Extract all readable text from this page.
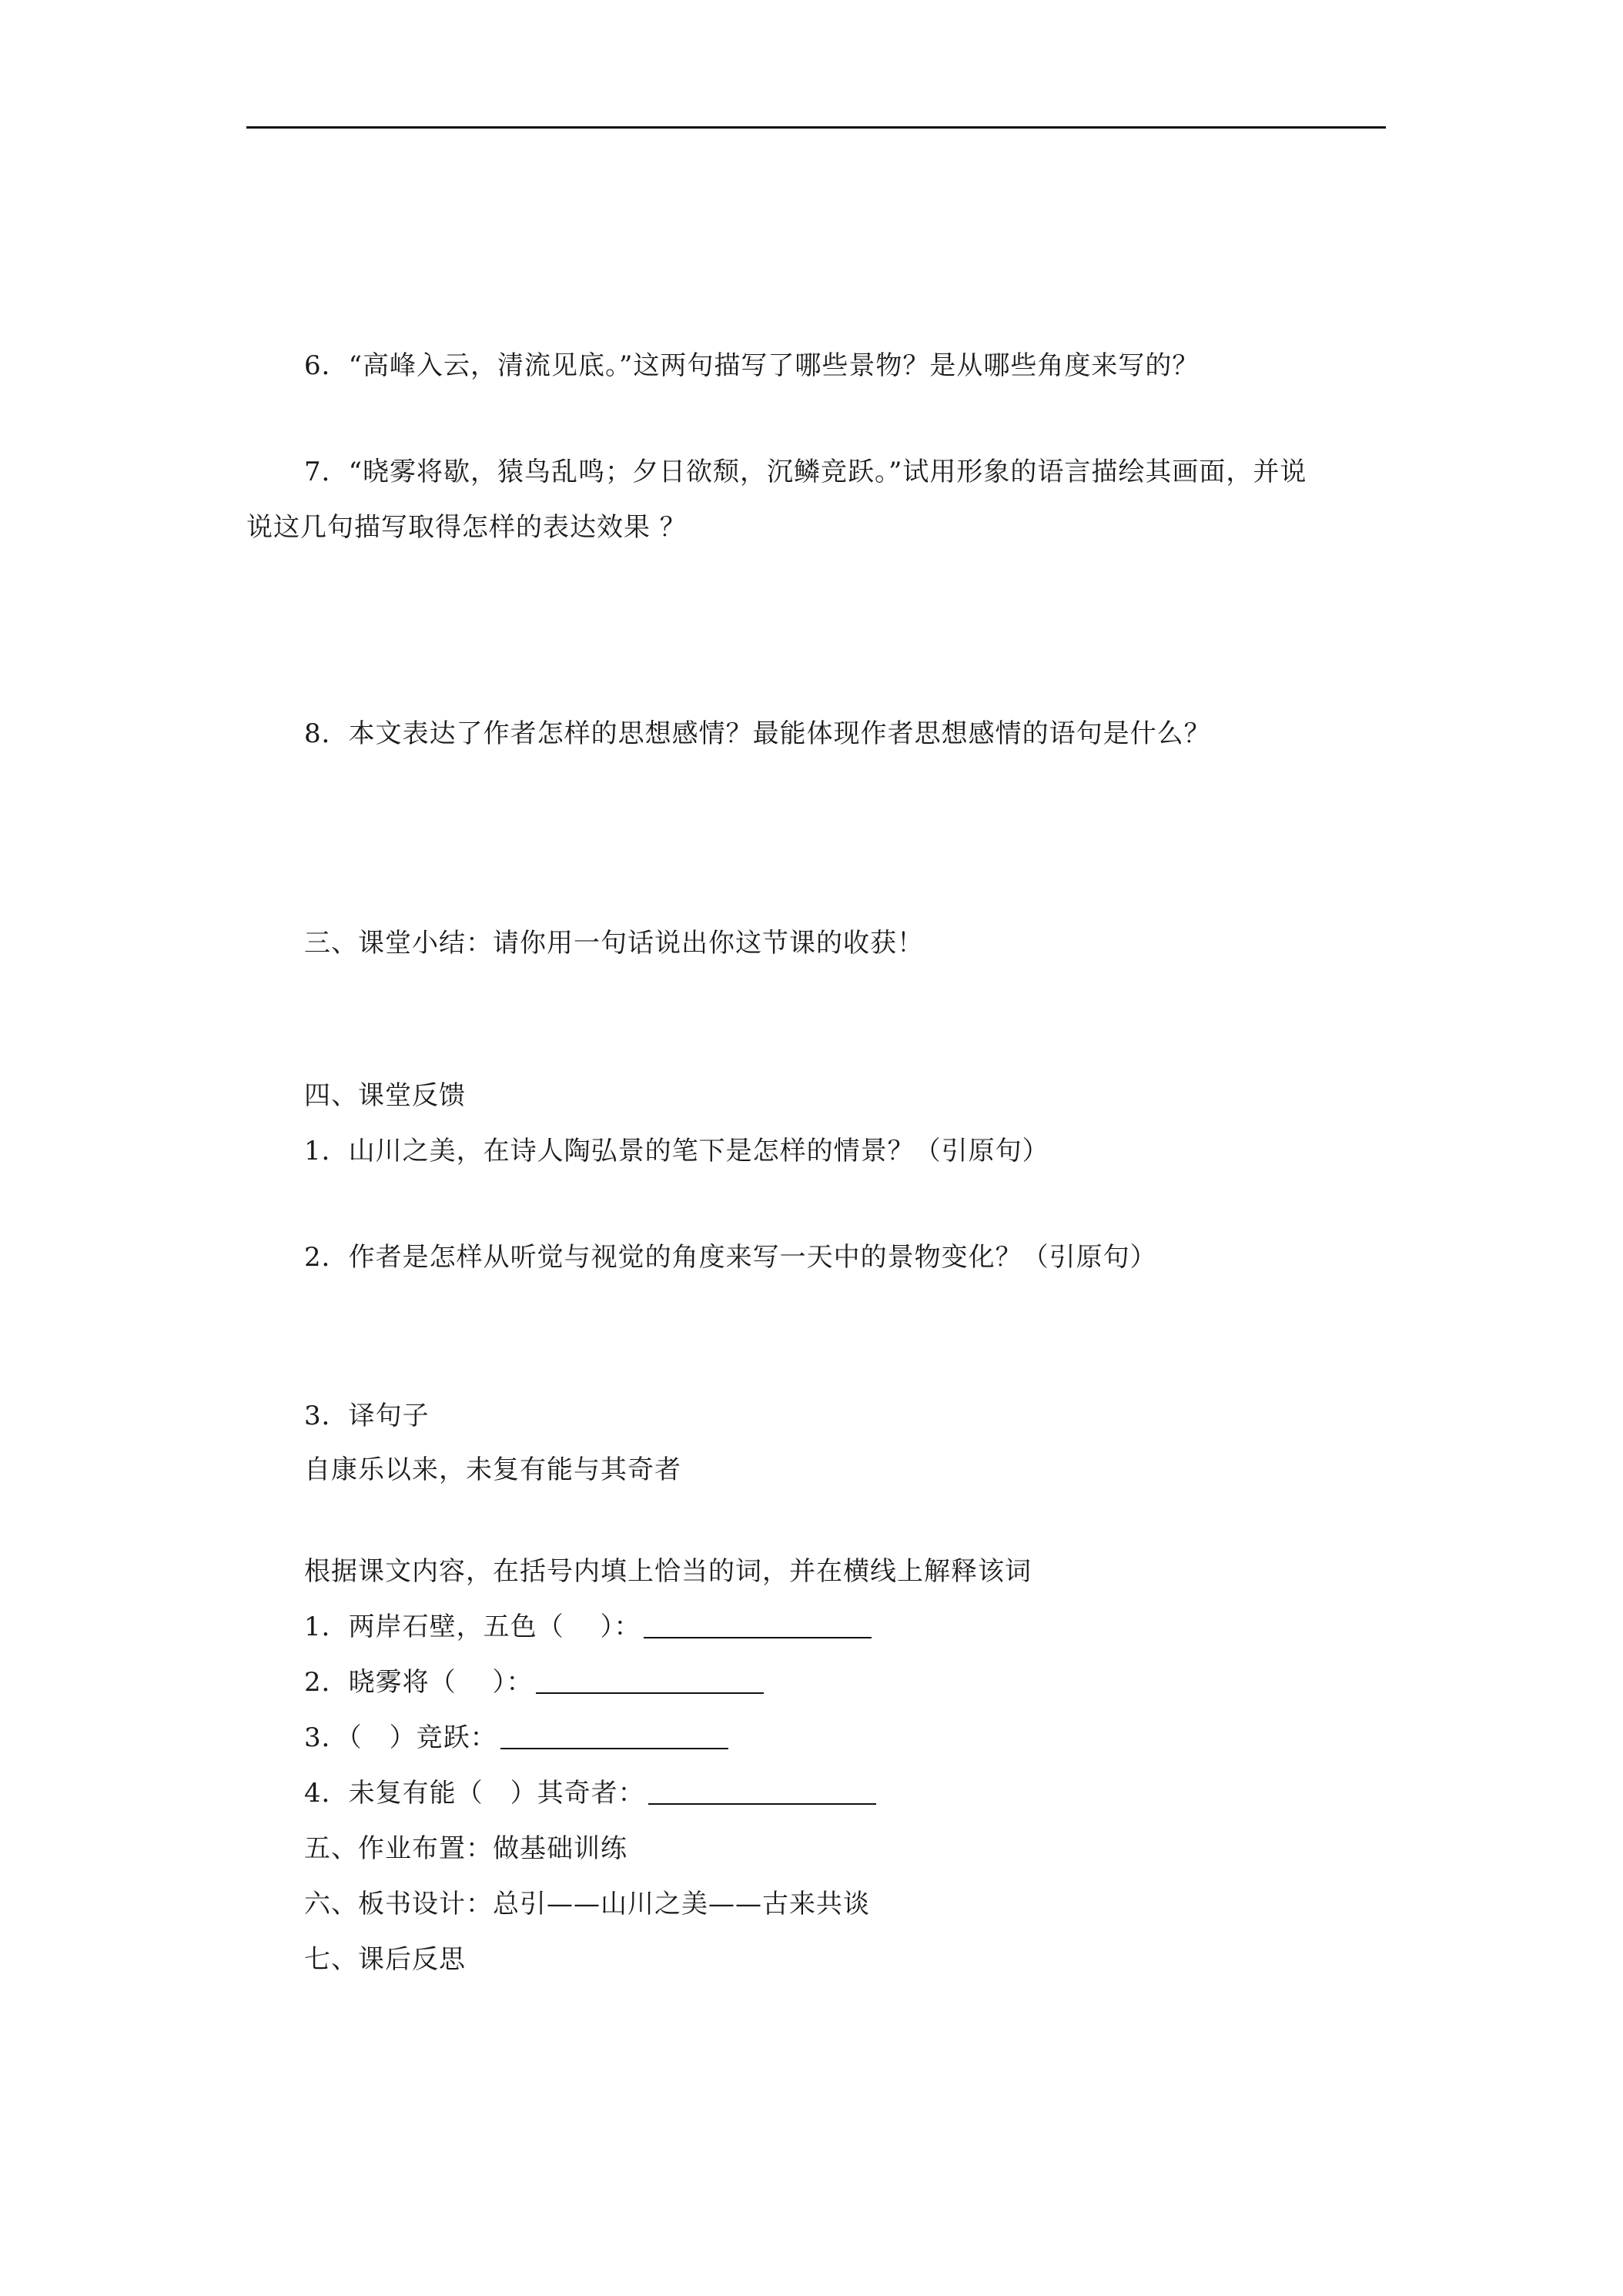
6．“高峰入云，清流见底。”这两句描写了哪些景物？是从哪些角度来写的？
7．“晓雾将歇，猿鸟乱鸣；夕日欲颓，沉鳞竞跃。”试用形象的语言描绘其画面，并说
说这几句描写取得怎样的表达效果 ？
8．本文表达了作者怎样的思想感情？最能体现作者思想感情的语句是什么？
三、课堂小结：请你用一句话说出你这节课的收获！
四、课堂反馈
1．山川之美，在诗人陶弘景的笔下是怎样的情景？（引原句）
2．作者是怎样从听觉与视觉的角度来写一天中的景物变化？（引原句）
3．译句子
自康乐以来，未复有能与其奇者
根据课文内容，在括号内填上恰当的词，并在横线上解释该词
1．两岸石壁，五色（　 ）：
2．晓雾将（　 ）：
3．（　）竞跃：
4．未复有能（　）其奇者：
五、作业布置：做基础训练
六、板书设计：总引——山川之美——古来共谈
七、课后反思
